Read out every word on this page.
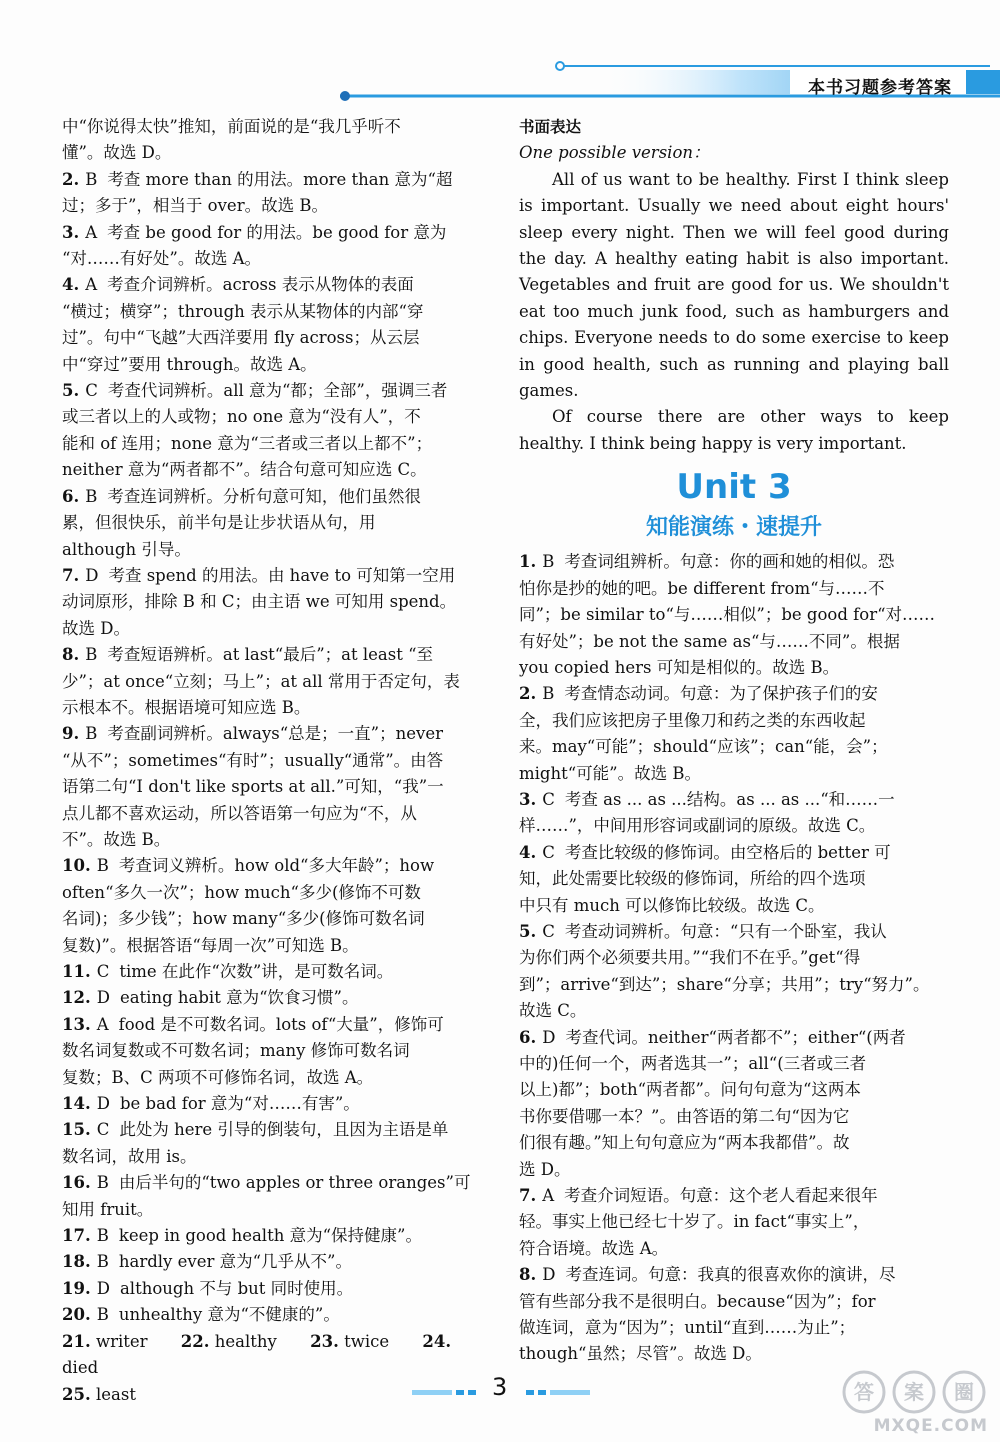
本书习题参考答案
中“你说得太快”推知，前面说的是“我几乎听不
懂”。故选 D。
2. B 考查 more than 的用法。more than 意为“超
过；多于”，相当于 over。故选 B。
3. A 考查 be good for 的用法。be good for 意为
“对……有好处”。故选 A。
4. A 考查介词辨析。across 表示从物体的表面
“横过；横穿”；through 表示从某物体的内部“穿
过”。句中“飞越”大西洋要用 fly across；从云层
中“穿过”要用 through。故选 A。
5. C 考查代词辨析。all 意为“都；全部”，强调三者
或三者以上的人或物；no one 意为“没有人”，不
能和 of 连用；none 意为“三者或三者以上都不”；
neither 意为“两者都不”。结合句意可知应选 C。
6. B 考查连词辨析。分析句意可知，他们虽然很
累，但很快乐，前半句是让步状语从句，用
although 引导。
7. D 考查 spend 的用法。由 have to 可知第一空用
动词原形，排除 B 和 C；由主语 we 可知用 spend。
故选 D。
8. B 考查短语辨析。at last“最后”；at least “至
少”；at once“立刻；马上”；at all 常用于否定句，表
示根本不。根据语境可知应选 B。
9. B 考查副词辨析。always“总是；一直”；never
“从不”；sometimes“有时”；usually“通常”。由答
语第二句“I don't like sports at all.”可知，“我”一
点儿都不喜欢运动，所以答语第一句应为“不，从
不”。故选 B。
10. B 考查词义辨析。how old“多大年龄”；how
often“多久一次”；how much“多少(修饰不可数
名词)；多少钱”；how many“多少(修饰可数名词
复数)”。根据答语“每周一次”可知选 B。
11. C time 在此作“次数”讲，是可数名词。
12. D eating habit 意为“饮食习惯”。
13. A food 是不可数名词。lots of“大量”，修饰可
数名词复数或不可数名词；many 修饰可数名词
复数；B、C 两项不可修饰名词，故选 A。
14. D be bad for 意为“对……有害”。
15. C 此处为 here 引导的倒装句，且因为主语是单
数名词，故用 is。
16. B 由后半句的“two apples or three oranges”可
知用 fruit。
17. B keep in good health 意为“保持健康”。
18. B hardly ever 意为“几乎从不”。
19. D although 不与 but 同时使用。
20. B unhealthy 意为“不健康的”。
21. writer 22. healthy 23. twice 24. died
25. least
书面表达
One possible version：

All of us want to be healthy. First I think sleep is important. Usually we need about eight hours' sleep every night. Then we will feel good during the day. A healthy eating habit is also important. Vegetables and fruit are good for us. We shouldn't eat too much junk food, such as hamburgers and chips. Everyone needs to do some exercise to keep in good health, such as running and playing ball games.

Of course there are other ways to keep healthy. I think being happy is very important.

Unit 3
知能演练・速提升
1. B 考查词组辨析。句意：你的画和她的相似。恐
怕你是抄的她的吧。be different from“与……不
同”；be similar to“与……相似”；be good for“对……
有好处”；be not the same as“与……不同”。根据
you copied hers 可知是相似的。故选 B。
2. B 考查情态动词。句意：为了保护孩子们的安
全，我们应该把房子里像刀和药之类的东西收起
来。may“可能”；should“应该”；can“能，会”；
might“可能”。故选 B。
3. C 考查 as ... as ...结构。as ... as ...“和……一
样……”，中间用形容词或副词的原级。故选 C。
4. C 考查比较级的修饰词。由空格后的 better 可
知，此处需要比较级的修饰词，所给的四个选项
中只有 much 可以修饰比较级。故选 C。
5. C 考查动词辨析。句意：“只有一个卧室，我认
为你们两个必须要共用。”“我们不在乎。”get“得
到”；arrive“到达”；share“分享；共用”；try“努力”。
故选 C。
6. D 考查代词。neither“两者都不”；either“(两者
中的)任何一个，两者选其一”；all“(三者或三者
以上)都”；both“两者都”。问句句意为“这两本
书你要借哪一本？”。由答语的第二句“因为它
们很有趣。”知上句句意应为“两本我都借”。故
选 D。
7. A 考查介词短语。句意：这个老人看起来很年
轻。事实上他已经七十岁了。in fact“事实上”，
符合语境。故选 A。
8. D 考查连词。句意：我真的很喜欢你的演讲，尽
管有些部分我不是很明白。because“因为”；for
做连词，意为“因为”；until“直到……为止”；
though“虽然；尽管”。故选 D。
3	答 案 圈
MXQE.COM
